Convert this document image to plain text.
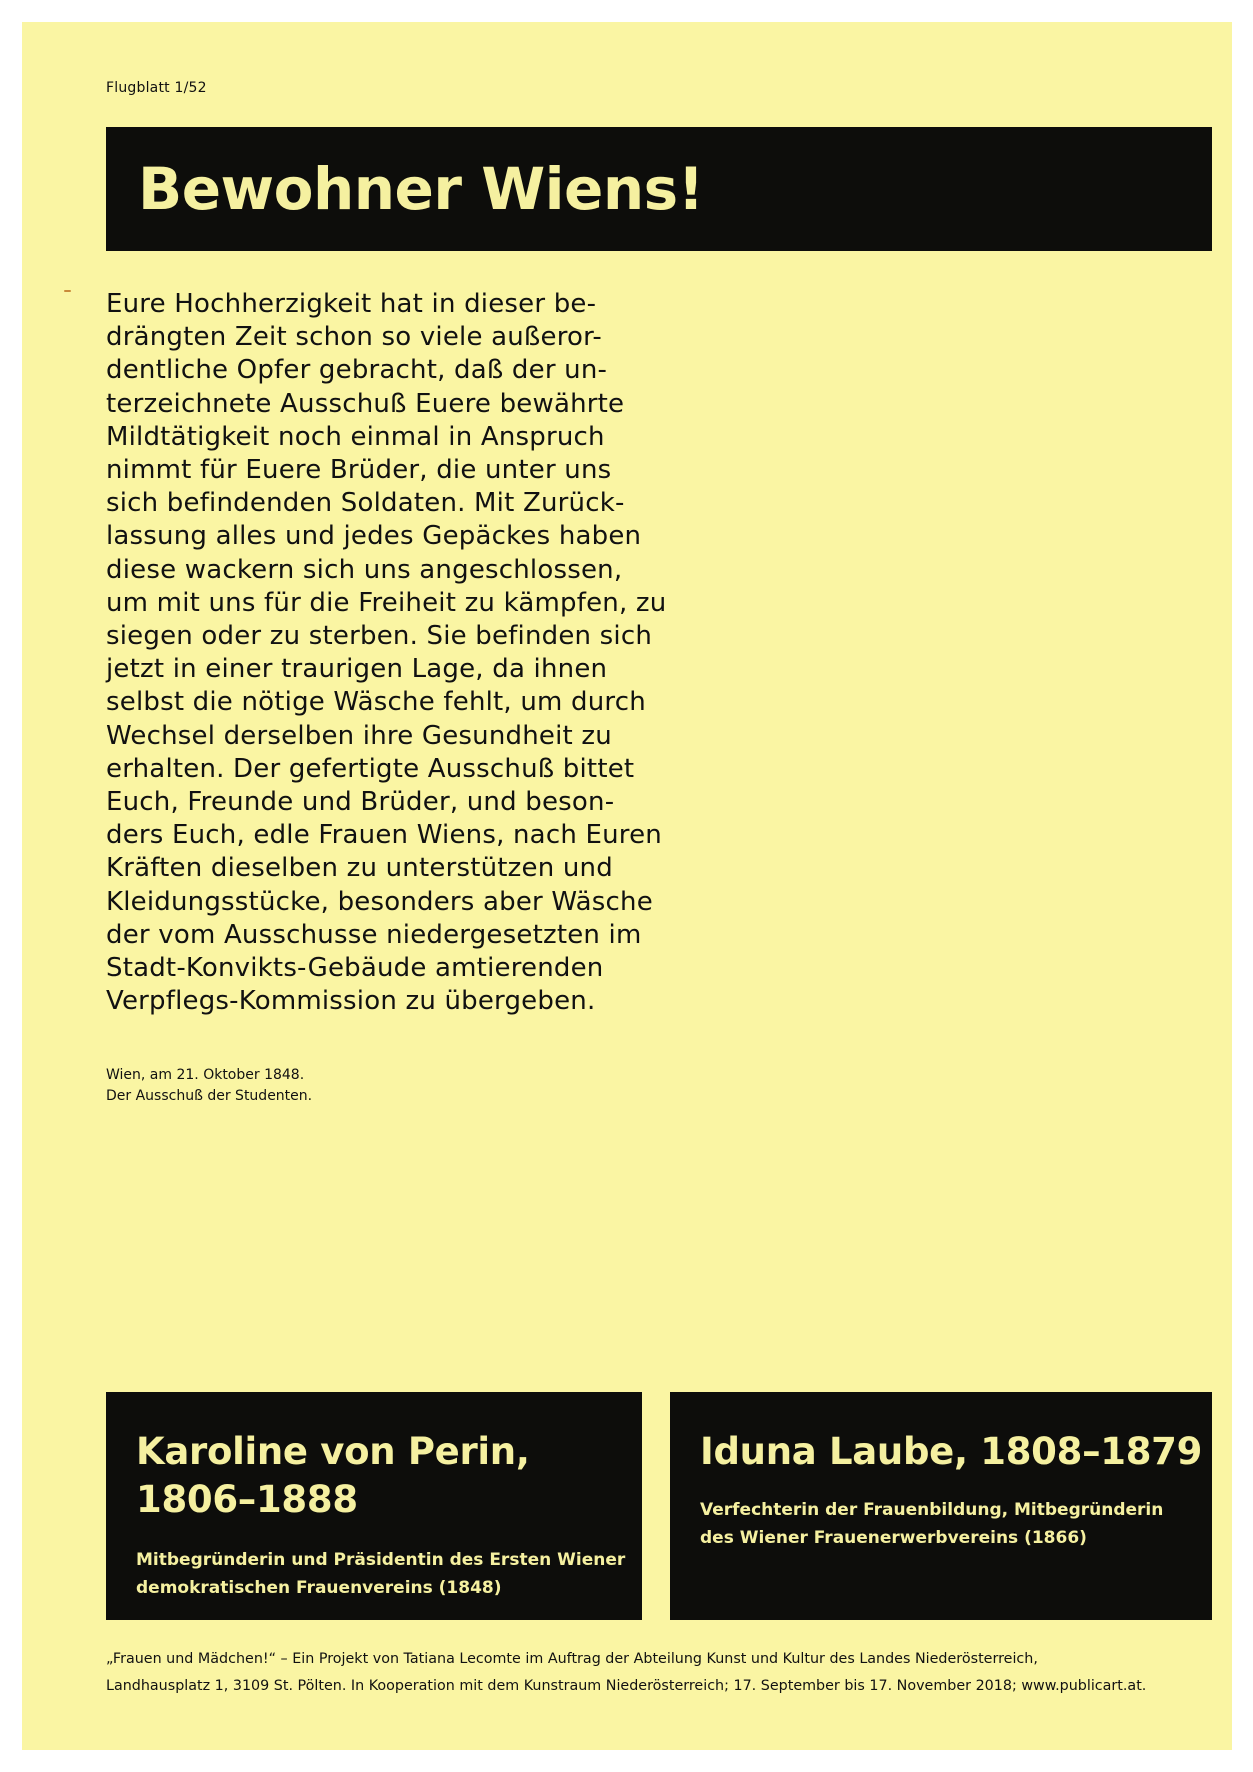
Flugblatt 1/52
Bewohner Wiens!
Eure Hochherzigkeit hat in dieser be-
drängten Zeit schon so viele außeror-
dentliche Opfer gebracht, daß der un-
terzeichnete Ausschuß Euere bewährte
Mildtätigkeit noch einmal in Anspruch
nimmt für Euere Brüder, die unter uns
sich befindenden Soldaten. Mit Zurück-
lassung alles und jedes Gepäckes haben
diese wackern sich uns angeschlossen,
um mit uns für die Freiheit zu kämpfen, zu
siegen oder zu sterben. Sie befinden sich
jetzt in einer traurigen Lage, da ihnen
selbst die nötige Wäsche fehlt, um durch
Wechsel derselben ihre Gesundheit zu
erhalten. Der gefertigte Ausschuß bittet
Euch, Freunde und Brüder, und beson-
ders Euch, edle Frauen Wiens, nach Euren
Kräften dieselben zu unterstützen und
Kleidungsstücke, besonders aber Wäsche
der vom Ausschusse niedergesetzten im
Stadt-Konvikts-Gebäude amtierenden
Verpflegs-Kommission zu übergeben.
Wien, am 21. Oktober 1848.
Der Ausschuß der Studenten.
Karoline von Perin,
1806–1888
Mitbegründerin und Präsidentin des Ersten Wiener
demokratischen Frauenvereins (1848)
Iduna Laube, 1808–1879
Verfechterin der Frauenbildung, Mitbegründerin
des Wiener Frauenerwerbvereins (1866)
„Frauen und Mädchen!“ – Ein Projekt von Tatiana Lecomte im Auftrag der Abteilung Kunst und Kultur des Landes Niederösterreich,
Landhausplatz 1, 3109 St. Pölten. In Kooperation mit dem Kunstraum Niederösterreich; 17. September bis 17. November 2018; www.publicart.at.
